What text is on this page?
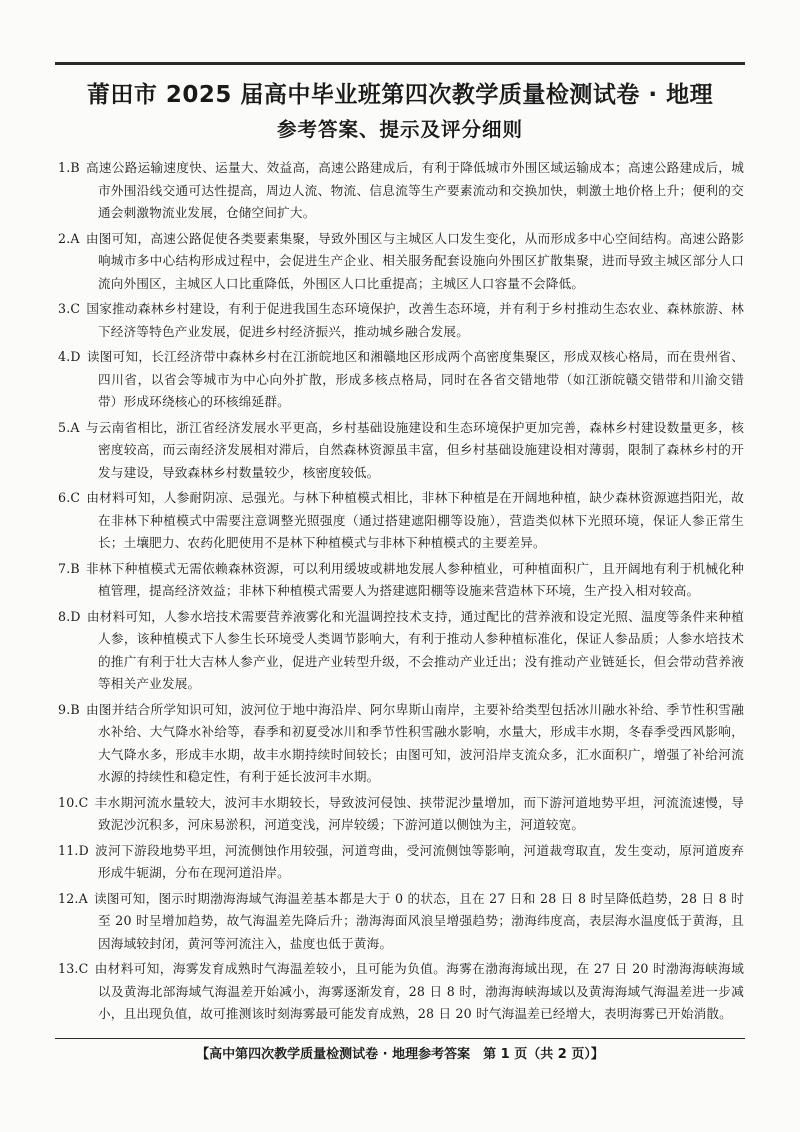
莆田市 2025 届高中毕业班第四次教学质量检测试卷 · 地理
参考答案、提示及评分细则
1.B 高速公路运输速度快、运量大、效益高，高速公路建成后，有利于降低城市外围区域运输成本；高速公路建成后，城市外围沿线交通可达性提高，周边人流、物流、信息流等生产要素流动和交换加快，刺激土地价格上升；便利的交通会刺激物流业发展，仓储空间扩大。
2.A 由图可知，高速公路促使各类要素集聚，导致外围区与主城区人口发生变化，从而形成多中心空间结构。高速公路影响城市多中心结构形成过程中，会促进生产企业、相关服务配套设施向外围区扩散集聚，进而导致主城区部分人口流向外围区，主城区人口比重降低，外围区人口比重提高；主城区人口容量不会降低。
3.C 国家推动森林乡村建设，有利于促进我国生态环境保护，改善生态环境，并有利于乡村推动生态农业、森林旅游、林下经济等特色产业发展，促进乡村经济振兴，推动城乡融合发展。
4.D 读图可知，长江经济带中森林乡村在江浙皖地区和湘赣地区形成两个高密度集聚区，形成双核心格局，而在贵州省、四川省，以省会等城市为中心向外扩散，形成多核点格局，同时在各省交错地带（如江浙皖赣交错带和川渝交错带）形成环绕核心的环核绵延群。
5.A 与云南省相比，浙江省经济发展水平更高，乡村基础设施建设和生态环境保护更加完善，森林乡村建设数量更多，核密度较高，而云南经济发展相对滞后，自然森林资源虽丰富，但乡村基础设施建设相对薄弱，限制了森林乡村的开发与建设，导致森林乡村数量较少，核密度较低。
6.C 由材料可知，人参耐阴凉、忌强光。与林下种植模式相比，非林下种植是在开阔地种植，缺少森林资源遮挡阳光，故在非林下种植模式中需要注意调整光照强度（通过搭建遮阳棚等设施），营造类似林下光照环境，保证人参正常生长；土壤肥力、农药化肥使用不是林下种植模式与非林下种植模式的主要差异。
7.B 非林下种植模式无需依赖森林资源，可以利用缓坡或耕地发展人参种植业，可种植面积广，且开阔地有利于机械化种植管理，提高经济效益；非林下种植模式需要人为搭建遮阳棚等设施来营造林下环境，生产投入相对较高。
8.D 由材料可知，人参水培技术需要营养液雾化和光温调控技术支持，通过配比的营养液和设定光照、温度等条件来种植人参，该种植模式下人参生长环境受人类调节影响大，有利于推动人参种植标准化，保证人参品质；人参水培技术的推广有利于壮大吉林人参产业，促进产业转型升级，不会推动产业迁出；没有推动产业链延长，但会带动营养液等相关产业发展。
9.B 由图并结合所学知识可知，波河位于地中海沿岸、阿尔卑斯山南岸，主要补给类型包括冰川融水补给、季节性积雪融水补给、大气降水补给等，春季和初夏受冰川和季节性积雪融水影响，水量大，形成丰水期，冬春季受西风影响，大气降水多，形成丰水期，故丰水期持续时间较长；由图可知，波河沿岸支流众多，汇水面积广，增强了补给河流水源的持续性和稳定性，有利于延长波河丰水期。
10.C 丰水期河流水量较大，波河丰水期较长，导致波河侵蚀、挟带泥沙量增加，而下游河道地势平坦，河流流速慢，导致泥沙沉积多，河床易淤积，河道变浅，河岸较缓；下游河道以侧蚀为主，河道较宽。
11.D 波河下游段地势平坦，河流侧蚀作用较强，河道弯曲，受河流侧蚀等影响，河道裁弯取直，发生变动，原河道废弃形成牛轭湖，分布在现河道沿岸。
12.A 读图可知，图示时期渤海海域气海温差基本都是大于 0 的状态，且在 27 日和 28 日 8 时呈降低趋势，28 日 8 时至 20 时呈增加趋势，故气海温差先降后升；渤海海面风浪呈增强趋势；渤海纬度高，表层海水温度低于黄海，且因海域较封闭，黄河等河流注入，盐度也低于黄海。
13.C 由材料可知，海雾发育成熟时气海温差较小，且可能为负值。海雾在渤海海域出现，在 27 日 20 时渤海海峡海域以及黄海北部海域气海温差开始减小，海雾逐渐发育，28 日 8 时，渤海海峡海域以及黄海海域气海温差进一步减小，且出现负值，故可推测该时刻海雾最可能发育成熟，28 日 20 时气海温差已经增大，表明海雾已开始消散。
【高中第四次教学质量检测试卷 · 地理参考答案　第 1 页（共 2 页）】
